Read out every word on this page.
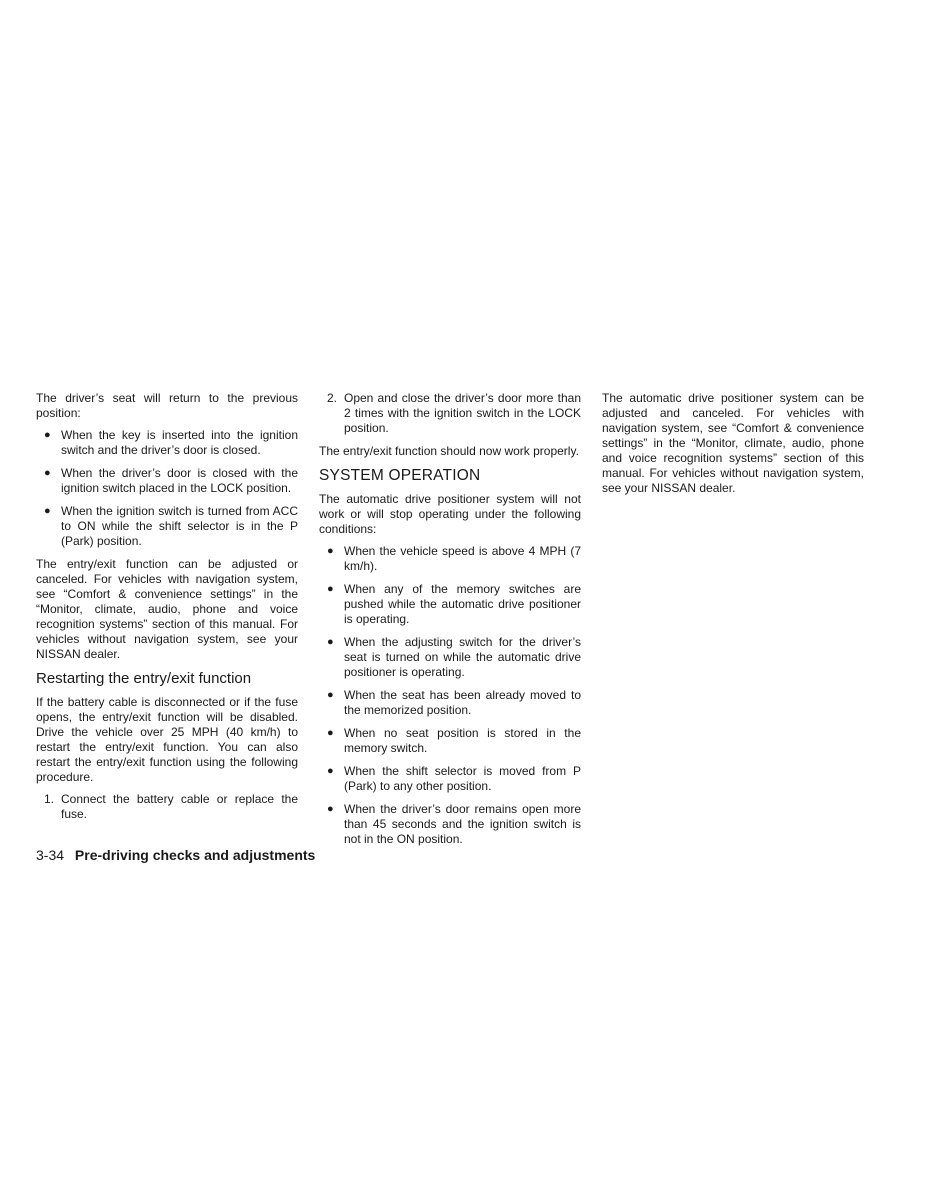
The driver’s seat will return to the previous position:

● When the key is inserted into the ignition switch and the driver’s door is closed.
● When the driver’s door is closed with the ignition switch placed in the LOCK position.
● When the ignition switch is turned from ACC to ON while the shift selector is in the P (Park) position.

The entry/exit function can be adjusted or canceled. For vehicles with navigation system, see “Comfort & convenience settings” in the “Monitor, climate, audio, phone and voice recognition systems” section of this manual. For vehicles without navigation system, see your NISSAN dealer.

Restarting the entry/exit function

If the battery cable is disconnected or if the fuse opens, the entry/exit function will be disabled. Drive the vehicle over 25 MPH (40 km/h) to restart the entry/exit function. You can also restart the entry/exit function using the following procedure.

1. Connect the battery cable or replace the fuse.
2. Open and close the driver’s door more than 2 times with the ignition switch in the LOCK position.

The entry/exit function should now work properly.

SYSTEM OPERATION

The automatic drive positioner system will not work or will stop operating under the following conditions:

● When the vehicle speed is above 4 MPH (7 km/h).
● When any of the memory switches are pushed while the automatic drive positioner is operating.
● When the adjusting switch for the driver’s seat is turned on while the automatic drive positioner is operating.
● When the seat has been already moved to the memorized position.
● When no seat position is stored in the memory switch.
● When the shift selector is moved from P (Park) to any other position.
● When the driver’s door remains open more than 45 seconds and the ignition switch is not in the ON position.

The automatic drive positioner system can be adjusted and canceled. For vehicles with navigation system, see “Comfort & convenience settings” in the “Monitor, climate, audio, phone and voice recognition systems” section of this manual. For vehicles without navigation system, see your NISSAN dealer.

3-34 Pre-driving checks and adjustments
